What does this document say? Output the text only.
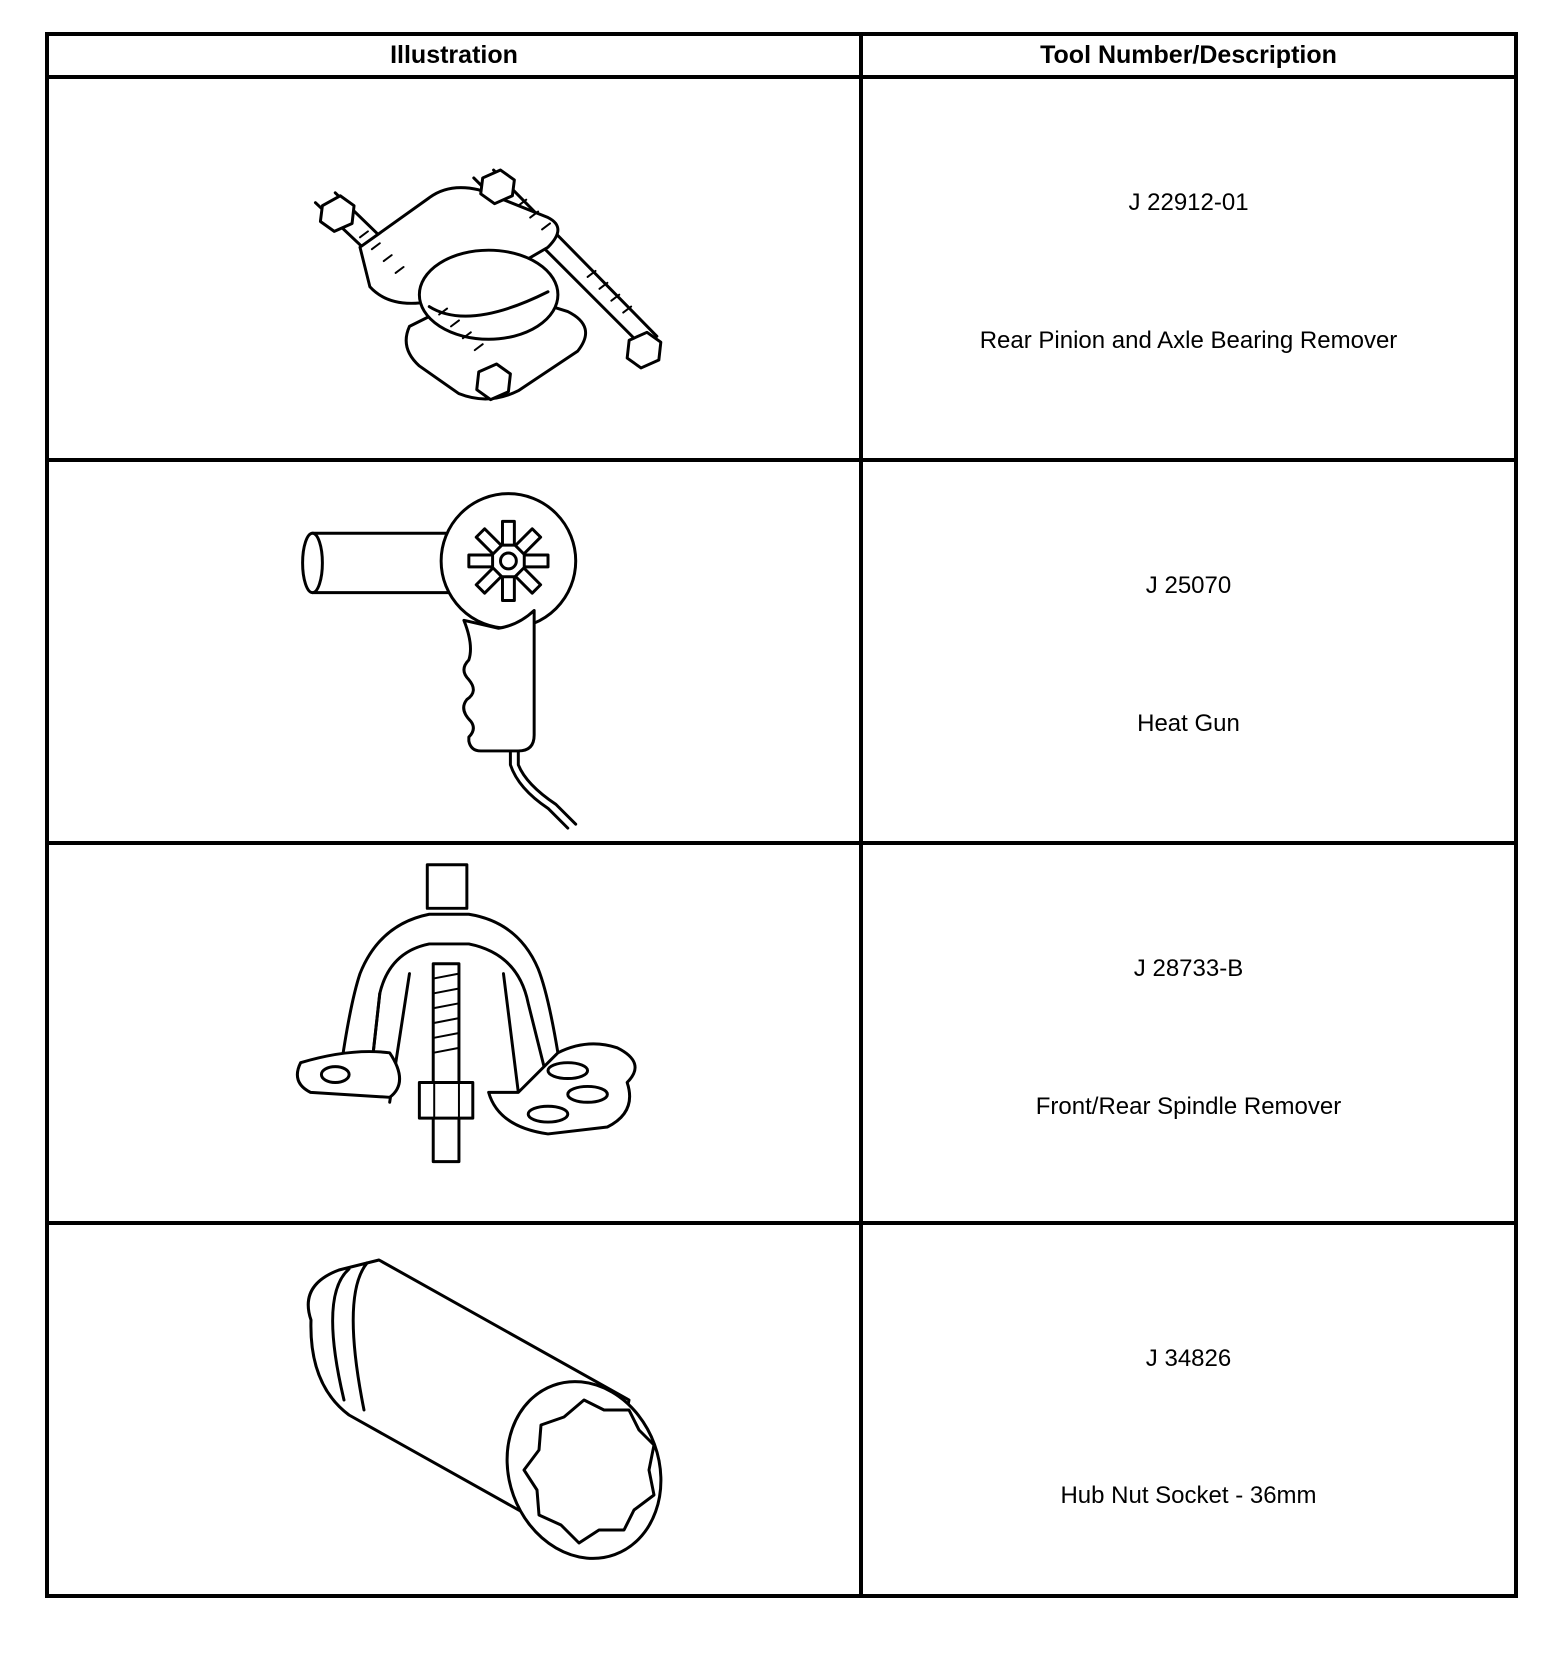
Illustration	Tool Number/Description
J 22912-01
Rear Pinion and Axle Bearing Remover
J 25070
Heat Gun
J 28733-B
Front/Rear Spindle Remover
J 34826
Hub Nut Socket - 36mm
